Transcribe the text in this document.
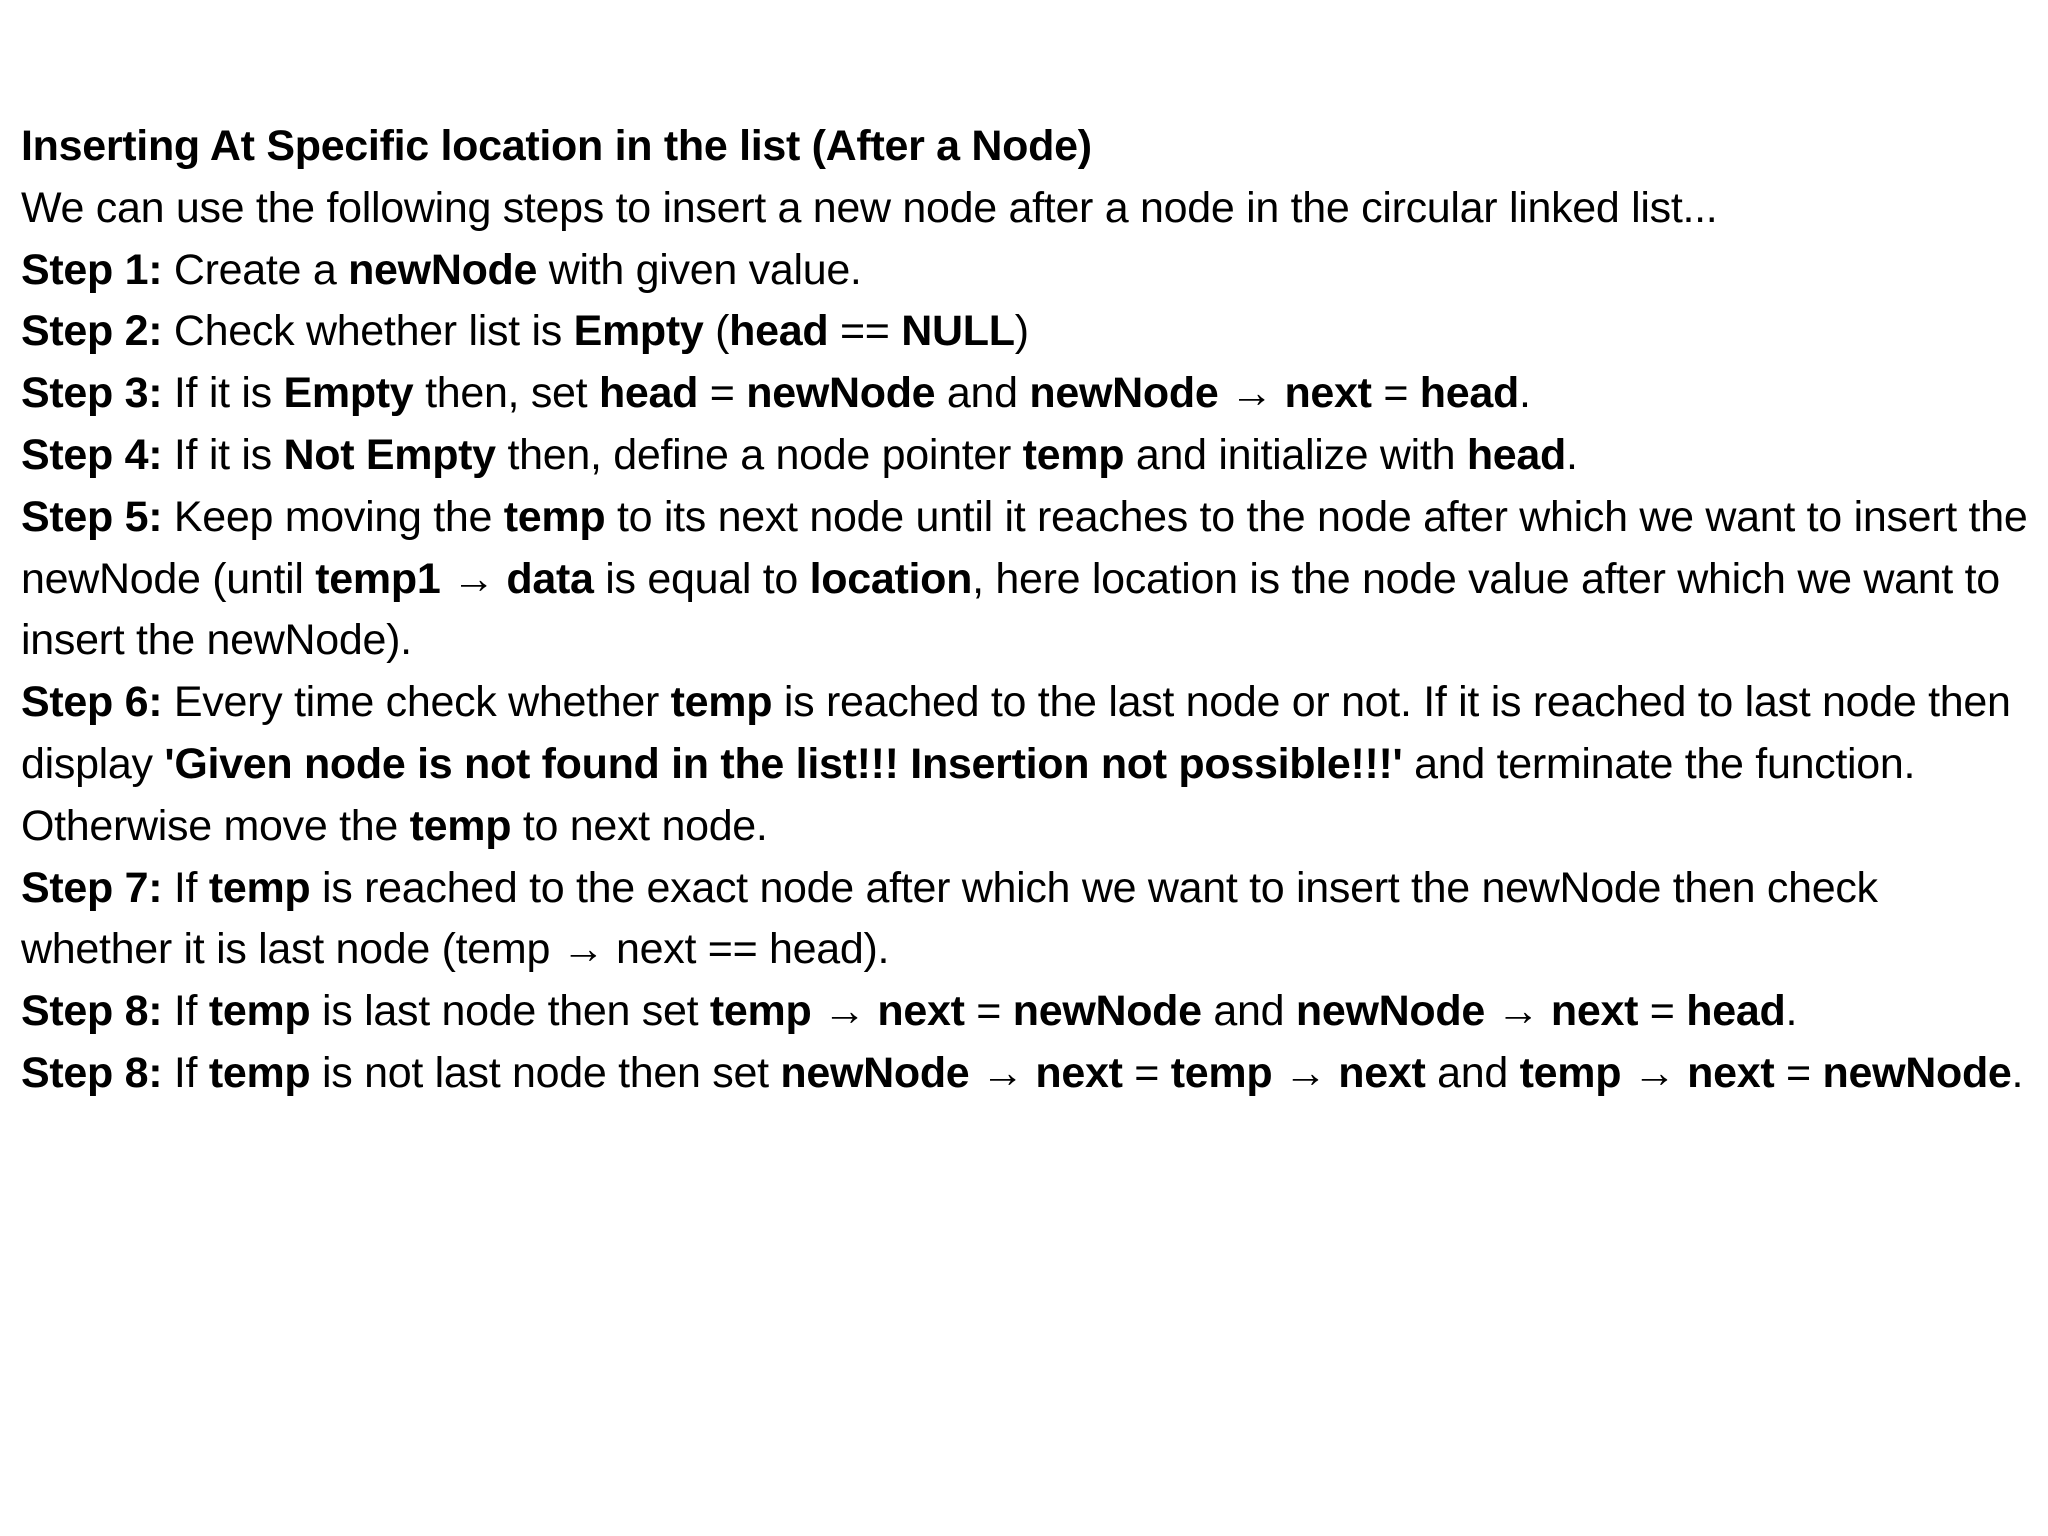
Inserting At Specific location in the list (After a Node)
We can use the following steps to insert a new node after a node in the circular linked list...
Step 1: Create a newNode with given value.
Step 2: Check whether list is Empty (head == NULL)
Step 3: If it is Empty then, set head = newNode and newNode → next = head.
Step 4: If it is Not Empty then, define a node pointer temp and initialize with head.
Step 5: Keep moving the temp to its next node until it reaches to the node after which we want to insert the newNode (until temp1 → data is equal to location, here location is the node value after which we want to insert the newNode).
Step 6: Every time check whether temp is reached to the last node or not. If it is reached to last node then display 'Given node is not found in the list!!! Insertion not possible!!!' and terminate the function. Otherwise move the temp to next node.
Step 7: If temp is reached to the exact node after which we want to insert the newNode then check whether it is last node (temp → next == head).
Step 8: If temp is last node then set temp → next = newNode and newNode → next = head.
Step 8: If temp is not last node then set newNode → next = temp → next and temp → next = newNode.
